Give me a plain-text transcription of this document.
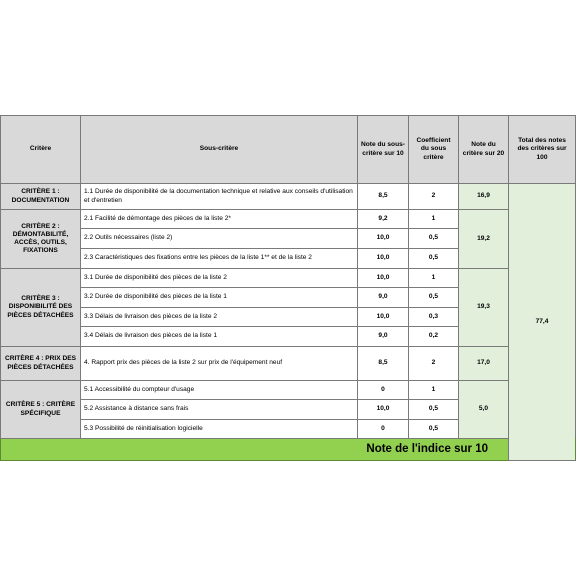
Critère	Sous-critère	Note du sous-critère sur 10	Coefficient du sous critère	Note du critère sur 20	Total des notes des critères sur 100	
CRITÈRE 1 : DOCUMENTATION	1.1 Durée de disponibilité de la documentation technique et relative aux conseils d'utilisation et d'entretien	8,5	2	16,9	77,4	
CRITÈRE 2 : DÉMONTABILITÉ, ACCÈS, OUTILS, FIXATIONS	2.1 Facilité de démontage des pièces de la liste 2*	9,2	1	19,2		
	2.2 Outils nécessaires (liste 2)	10,0	0,5			
	2.3 Caractéristiques des fixations entre les pièces de la liste 1** et de la liste 2	10,0	0,5			
CRITÈRE 3 : DISPONIBILITÉ DES PIÈCES DÉTACHÉES	3.1 Durée de disponibilité des pièces de la liste 2	10,0	1	19,3		
	3.2 Durée de disponibilité des pièces de la liste 1	9,0	0,5			
	3.3 Délais de livraison des pièces de la liste 2	10,0	0,3			
	3.4 Délais de livraison des pièces de la liste 1	9,0	0,2			
CRITÈRE 4 : PRIX DES PIÈCES DÉTACHÉES	4. Rapport prix des pièces de la liste 2 sur prix de l'équipement neuf	8,5	2	17,0		
CRITÈRE 5 : CRITÈRE SPÉCIFIQUE	5.1 Accessibilité du compteur d'usage	0	1	5,0		
	5.2 Assistance à distance sans frais	10,0	0,5			
	5.3 Possibilité de réinitialisation logicielle	0	0,5			
Note de l'indice sur 10	
